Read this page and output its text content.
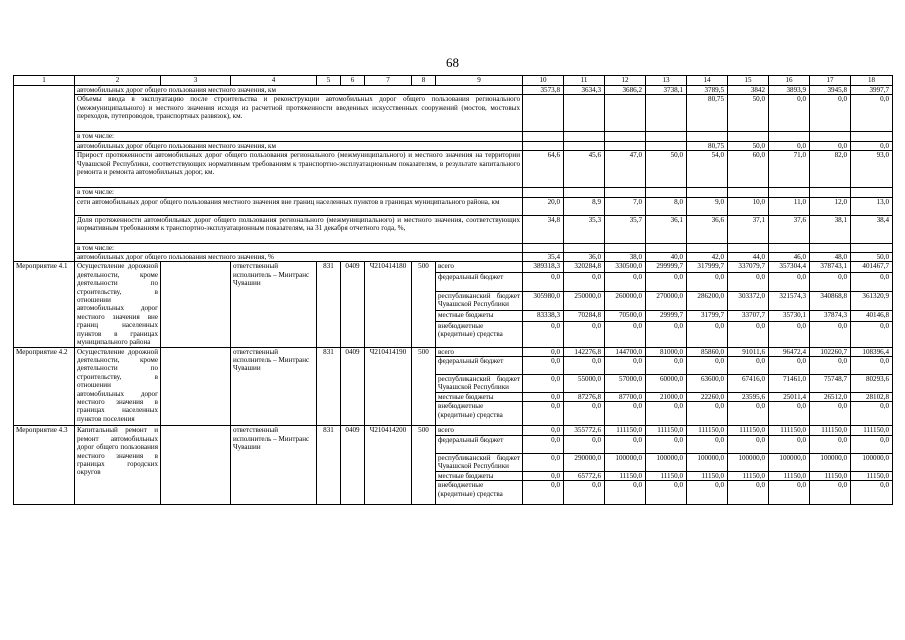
68
1	2	3	4	5	6	7	8	9	10	11	12	13	14	15	16	17	18
	автомобильных дорог общего пользования местного значения, км								3573,8	3634,3	3686,2	3738,1	3789,5	3842	3893,9	3945,8	3997,7
	Объемы ввода в эксплуатацию после строительства и реконструкции автомобильных дорог общего пользования регионального (межмуниципального) и местного значения исходя из расчетной протяженности введенных искусственных сооружений (мостов, мостовых переходов, путепроводов, транспортных развязок), км.												80,75	50,0	0,0	0,0	0,0
	в том числе:																
	автомобильных дорог общего пользования местного значения, км												80,75	50,0	0,0	0,0	0,0
	Прирост протяженности автомобильных дорог общего пользования регионального (межмуниципального) и местного значения на территории Чувашской Республики, соответствующих нормативным требованиям к транспортно-эксплуатационным показателям, в результате капитального ремонта и ремонта автомобильных дорог, км.								64,6	45,6	47,0	50,0	54,0	60,0	71,0	82,0	93,0
	в том числе:																
	сети автомобильных дорог общего пользования местного значения вне границ населенных пунктов в границах муниципального района, км								20,0	8,9	7,0	8,0	9,0	10,0	11,0	12,0	13,0
	Доля протяженности автомобильных дорог общего пользования регионального (межмуниципального) и местного значения, соответствующих нормативным требованиям к транспортно-эксплуатационным показателям, на 31 декабря отчетного года, %,								34,8	35,3	35,7	36,1	36,6	37,1	37,6	38,1	38,4
	в том числе:																
	автомобильных дорог общего пользования местного значения, %								35,4	36,0	38,0	40,0	42,0	44,0	46,0	48,0	50,0
Мероприятие 4.1	Осуществление дорожной деятельности, кроме деятельности по строительству, в отношении автомобильных дорог местного значения вне границ населенных пунктов в границах муниципального района		ответственный исполнитель – Минтранс Чувашии	831	0409	Ч210414180	500	всего	389318,3	320284,8	330500,0	299999,7	317999,7	337079,7	357304,4	378743,1	401467,7
								федеральный бюджет	0,0	0,0	0,0	0,0	0,0	0,0	0,0	0,0	0,0
								республиканский бюджет Чувашской Республики	305980,0	250000,0	260000,0	270000,0	286200,0	303372,0	321574,3	340868,8	361320,9
								местные бюджеты	83338,3	70284,8	70500,0	29999,7	31799,7	33707,7	35730,1	37874,3	40146,8
								внебюджетные (кредитные) средства	0,0	0,0	0,0	0,0	0,0	0,0	0,0	0,0	0,0
Мероприятие 4.2	Осуществление дорожной деятельности, кроме деятельности по строительству, в отношении автомобильных дорог местного значения в границах населенных пунктов поселения		ответственный исполнитель – Минтранс Чувашии	831	0409	Ч210414190	500	всего	0,0	142276,8	144700,0	81000,0	85860,0	91011,6	96472,4	102260,7	108396,4
								федеральный бюджет	0,0	0,0	0,0	0,0	0,0	0,0	0,0	0,0	0,0
								республиканский бюджет Чувашской Республики	0,0	55000,0	57000,0	60000,0	63600,0	67416,0	71461,0	75748,7	80293,6
								местные бюджеты	0,0	87276,8	87700,0	21000,0	22260,0	23595,6	25011,4	26512,0	28102,8
								внебюджетные (кредитные) средства	0,0	0,0	0,0	0,0	0,0	0,0	0,0	0,0	0,0
Мероприятие 4.3	Капитальный ремонт и ремонт автомобильных дорог общего пользования местного значения в границах городских округов		ответственный исполнитель – Минтранс Чувашии	831	0409	Ч210414200	500	всего	0,0	355772,6	111150,0	111150,0	111150,0	111150,0	111150,0	111150,0	111150,0
								федеральный бюджет	0,0	0,0	0,0	0,0	0,0	0,0	0,0	0,0	0,0
								республиканский бюджет Чувашской Республики	0,0	290000,0	100000,0	100000,0	100000,0	100000,0	100000,0	100000,0	100000,0
								местные бюджеты	0,0	65772,6	11150,0	11150,0	11150,0	11150,0	11150,0	11150,0	11150,0
								внебюджетные (кредитные) средства	0,0	0,0	0,0	0,0	0,0	0,0	0,0	0,0	0,0
